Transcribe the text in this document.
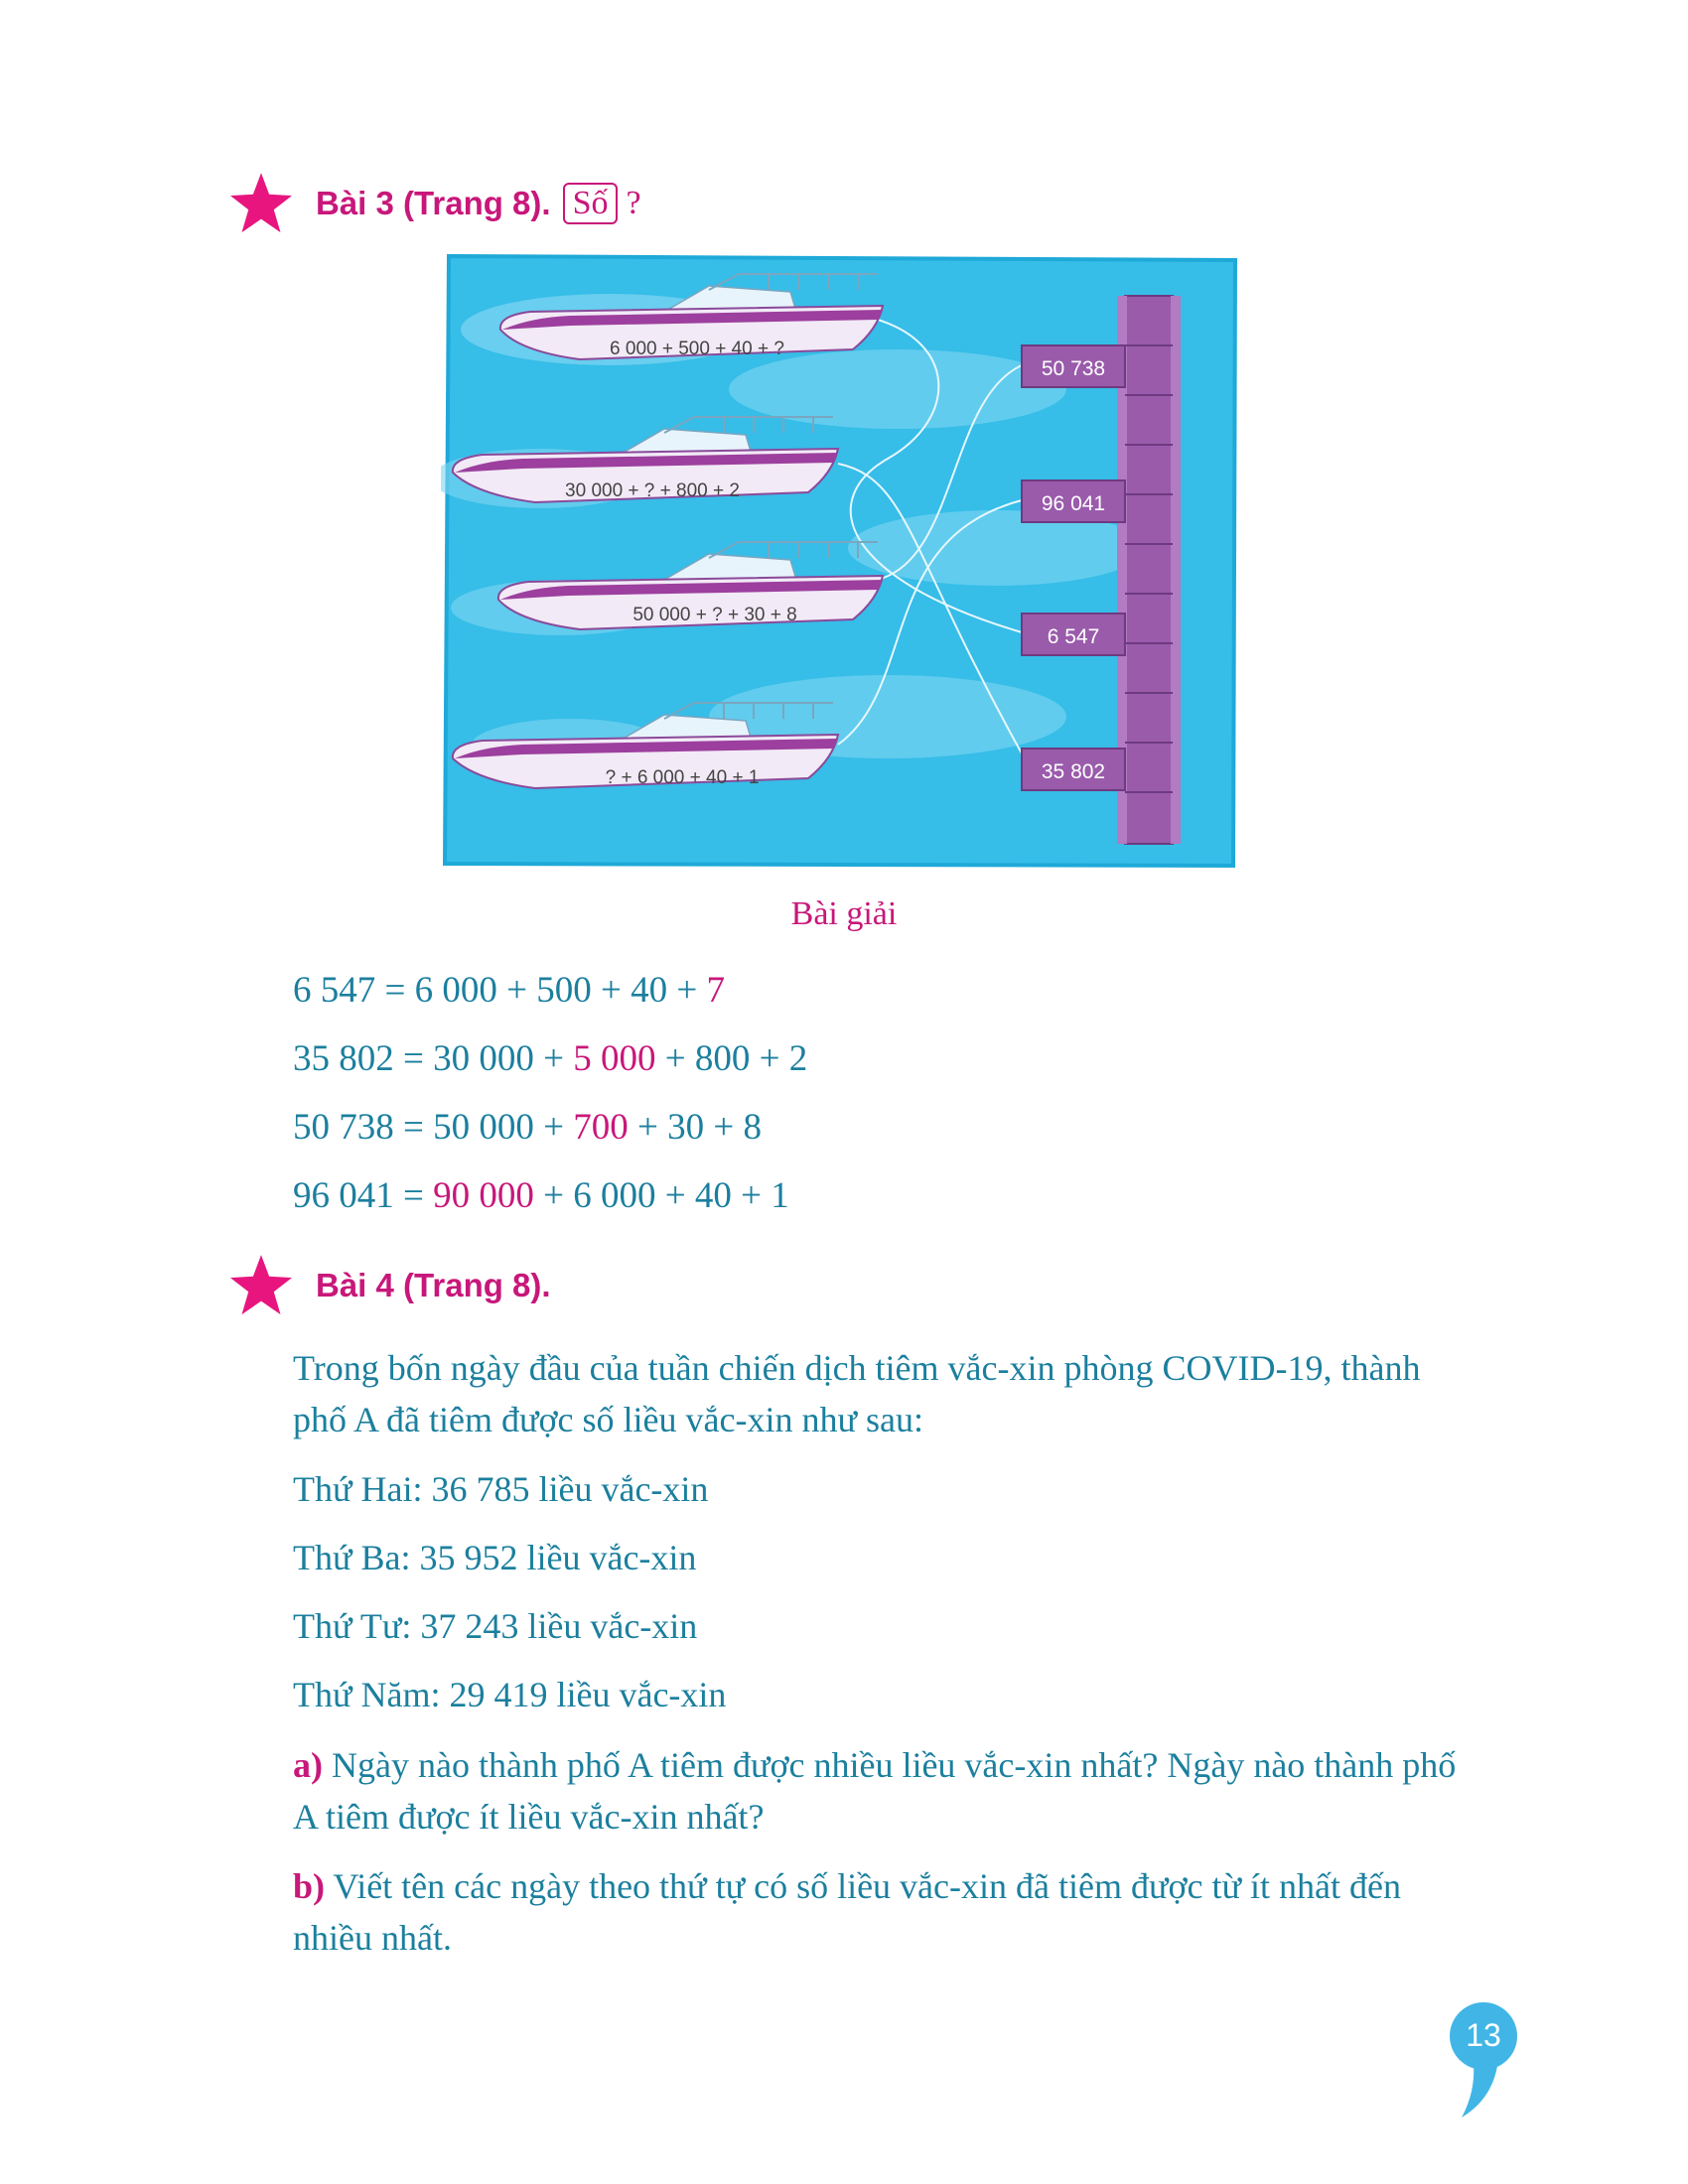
Bài 3 (Trang 8). Số ?
50 738
96 041
6 547
35 802
6 000 + 500 + 40 + ?
30 000 + ? + 800 + 2
50 000 + ? + 30 + 8
? + 6 000 + 40 + 1
Bài giải
6 547 = 6 000 + 500 + 40 + 7
35 802 = 30 000 + 5 000 + 800 + 2
50 738 = 50 000 + 700 + 30 + 8
96 041 = 90 000 + 6 000 + 40 + 1
Bài 4 (Trang 8).
Trong bốn ngày đầu của tuần chiến dịch tiêm vắc-xin phòng COVID-19, thành phố A đã tiêm được số liều vắc-xin như sau:
Thứ Hai: 36 785 liều vắc-xin
Thứ Ba: 35 952 liều vắc-xin
Thứ Tư: 37 243 liều vắc-xin
Thứ Năm: 29 419 liều vắc-xin
a) Ngày nào thành phố A tiêm được nhiều liều vắc-xin nhất? Ngày nào thành phố A tiêm được ít liều vắc-xin nhất?
b) Viết tên các ngày theo thứ tự có số liều vắc-xin đã tiêm được từ ít nhất đến nhiều nhất.
13
